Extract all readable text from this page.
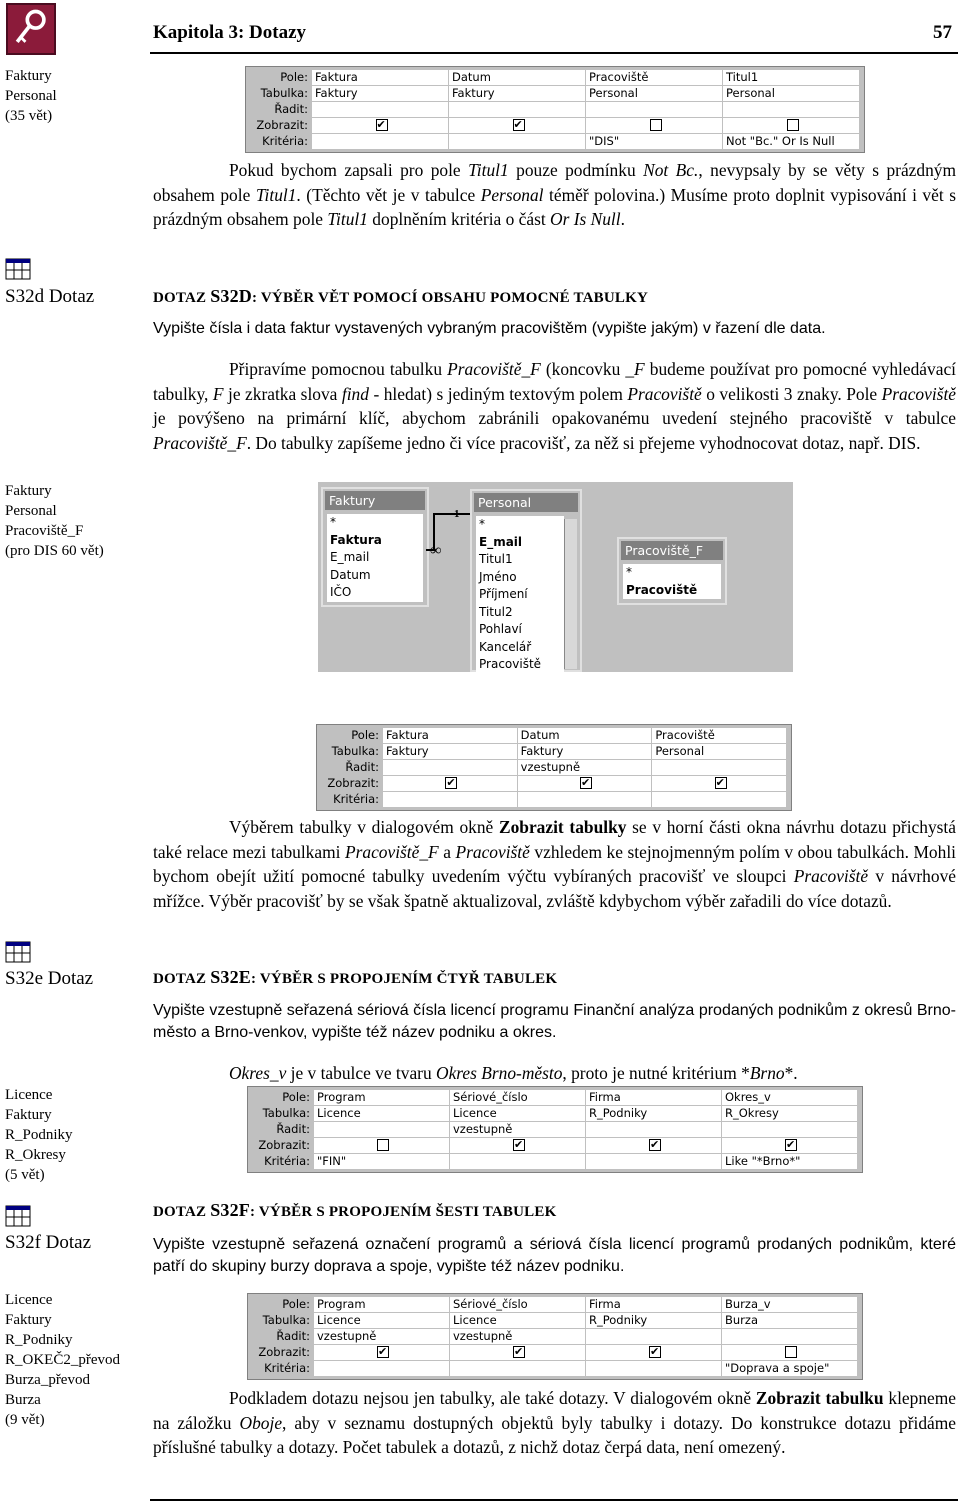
Kapitola 3: Dotazy	57
Faktury
Personal
(35 vět)
S32d Dotaz
Faktury
Personal
Pracoviště_F
(pro DIS 60 vět)
S32e Dotaz
Licence
Faktury
R_Podniky
R_Okresy
(5 vět)
S32f Dotaz
Licence
Faktury
R_Podniky
R_OKEČ2_převod
Burza_převod
Burza
(9 vět)
Pole:
Tabulka:
Řadit:
Zobrazit:
Kritéria:
Faktura
Faktury
✔
Datum
Faktury
✔
Pracoviště
Personal
"DIS"
Titul1
Personal
Not "Bc." Or Is Null
Pokud bychom zapsali pro pole Titul1 pouze podmínku Not Bc., nevypsaly by se věty s prázdným obsahem pole Titul1. (Těchto vět je v tabulce Personal téměř polovina.) Musíme proto doplnit vypisování i vět s prázdným obsahem pole Titul1 doplněním kritéria o část Or Is Null.
DOTAZ S32D: VÝBĚR VĚT POMOCÍ OBSAHU POMOCNÉ TABULKY
Vypište čísla i data faktur vystavených vybraným pracovištěm (vypište jakým) v řazení dle data.
Připravíme pomocnou tabulku Pracoviště_F (koncovku _F budeme používat pro pomocné vyhledávací tabulky, F je zkratka slova find - hledat) s jediným textovým polem Pracoviště o velikosti 3 znaky. Pole Pracoviště je povýšeno na primární klíč, abychom zabránili opakovanému uvedení stejného pracoviště v tabulce Pracoviště_F. Do tabulky zapíšeme jedno či více pracovišť, za něž si přejeme vyhodnocovat dotaz, např. DIS.
Faktury
*
Faktura
E_mail
Datum
IČO
Personal
*
E_mail
Titul1
Jméno
Příjmení
Titul2
Pohlaví
Kancelář
Pracoviště
Pracoviště_F
*
Pracoviště
1
∞
Pole:
Tabulka:
Řadit:
Zobrazit:
Kritéria:
Faktura
Faktury
✔
Datum
Faktury
vzestupně
✔
Pracoviště
Personal
✔
Výběrem tabulky v dialogovém okně Zobrazit tabulky se v horní části okna návrhu dotazu přichystá také relace mezi tabulkami Pracoviště_F a Pracoviště vzhledem ke stejnojmenným polím v obou tabulkách. Mohli bychom obejít užití pomocné tabulky uvedením výčtu vybíraných pracovišť ve sloupci Pracoviště v návrhové mřížce. Výběr pracovišť by se však špatně aktualizoval, zvláště kdybychom výběr zařadili do více dotazů.
DOTAZ S32E: VÝBĚR S PROPOJENÍM ČTYŘ TABULEK
Vypište vzestupně seřazená sériová čísla licencí programu Finanční analýza prodaných podnikům z okresů Brno-město a Brno-venkov, vypište též název podniku a okres.
Okres_v je v tabulce ve tvaru Okres Brno-město, proto je nutné kritérium *Brno*.
Pole:
Tabulka:
Řadit:
Zobrazit:
Kritéria:
Program
Licence
"FIN"
Sériové_číslo
Licence
vzestupně
✔
Firma
R_Podniky
✔
Okres_v
R_Okresy
✔
Like "*Brno*"
DOTAZ S32F: VÝBĚR S PROPOJENÍM ŠESTI TABULEK
Vypište vzestupně seřazená označení programů a sériová čísla licencí programů prodaných podnikům, které patří do skupiny burzy doprava a spoje, vypište též název podniku.
Pole:
Tabulka:
Řadit:
Zobrazit:
Kritéria:
Program
Licence
vzestupně
✔
Sériové_číslo
Licence
vzestupně
✔
Firma
R_Podniky
✔
Burza_v
Burza
"Doprava a spoje"
Podkladem dotazu nejsou jen tabulky, ale také dotazy. V dialogovém okně Zobrazit tabulku klepneme na záložku Oboje, aby v seznamu dostupných objektů byly tabulky i dotazy. Do konstrukce dotazu přidáme příslušné tabulky a dotazy. Počet tabulek a dotazů, z nichž dotaz čerpá data, není omezený.
